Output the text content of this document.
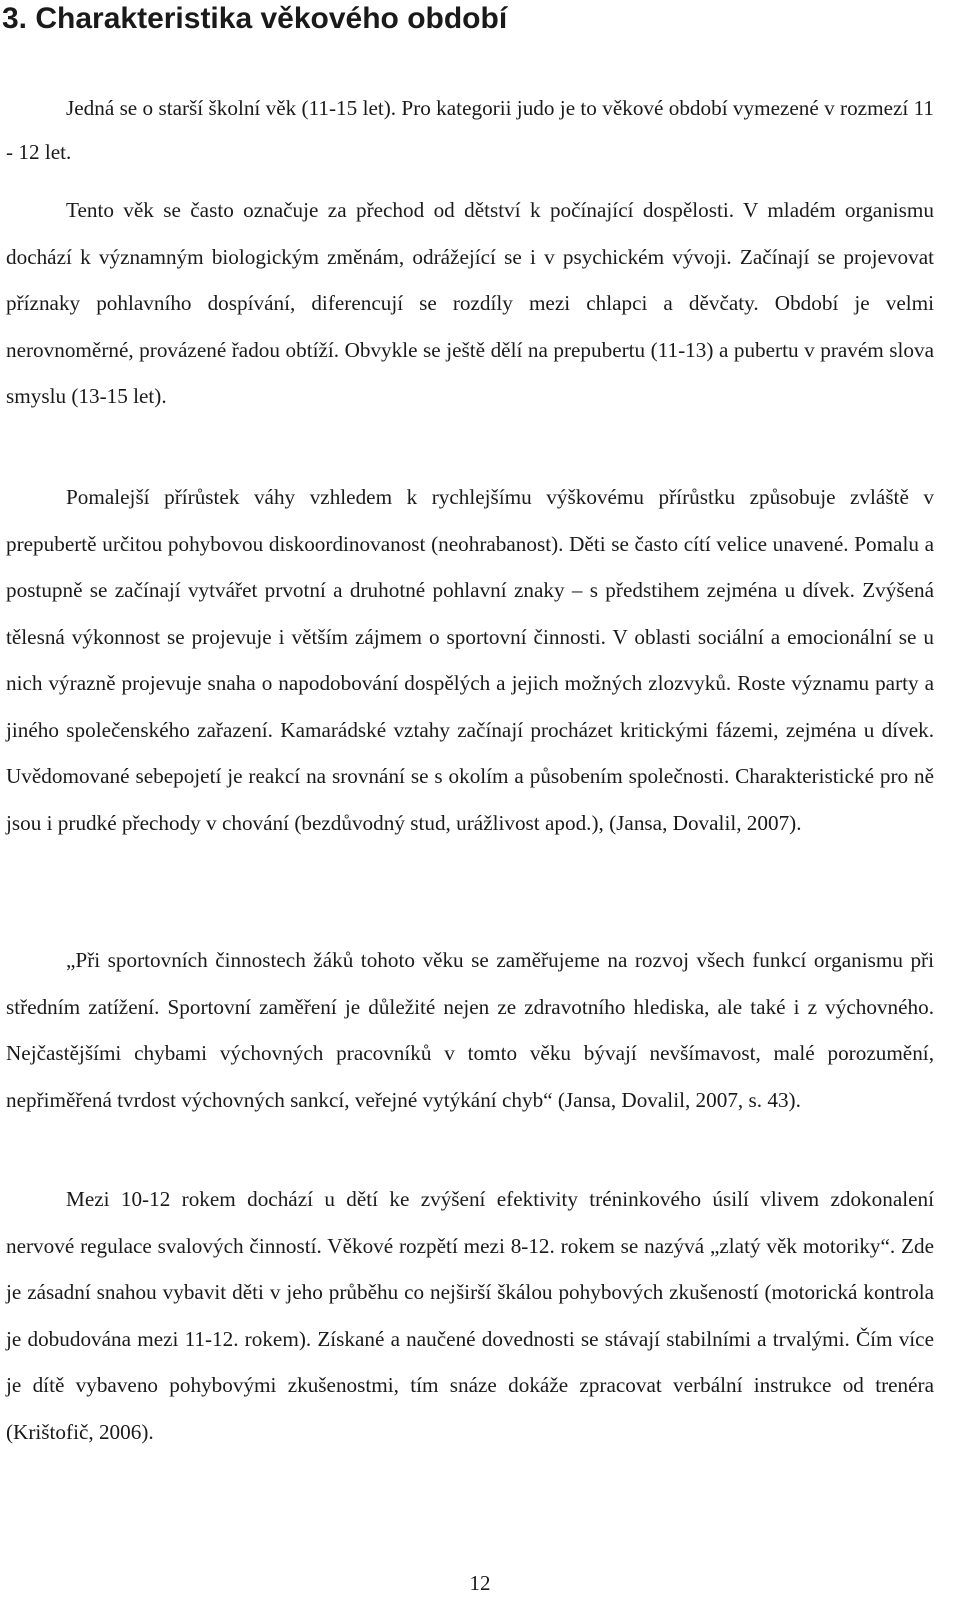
3. Charakteristika věkového období

Jedná se o starší školní věk (11-15 let). Pro kategorii judo je to věkové období vymezené v rozmezí 11 - 12 let.

Tento věk se často označuje za přechod od dětství k počínající dospělosti. V mladém organismu dochází k významným biologickým změnám, odrážející se i v psychickém vývoji. Začínají se projevovat příznaky pohlavního dospívání, diferencují se rozdíly mezi chlapci a děvčaty. Období je velmi nerovnoměrné, provázené řadou obtíží. Obvykle se ještě dělí na prepubertu (11-13) a pubertu v pravém slova smyslu (13-15 let).

Pomalejší přírůstek váhy vzhledem k rychlejšímu výškovému přírůstku způsobuje zvláště v prepubertě určitou pohybovou diskoordinovanost (neohrabanost). Děti se často cítí velice unavené. Pomalu a postupně se začínají vytvářet prvotní a druhotné pohlavní znaky – s předstihem zejména u dívek. Zvýšená tělesná výkonnost se projevuje i větším zájmem o sportovní činnosti. V oblasti sociální a emocionální se u nich výrazně projevuje snaha o napodobování dospělých a jejich možných zlozvyků. Roste významu party a jiného společenského zařazení. Kamarádské vztahy začínají procházet kritickými fázemi, zejména u dívek. Uvědomované sebepojetí je reakcí na srovnání se s okolím a působením společnosti. Charakteristické pro ně jsou i prudké přechody v chování (bezdůvodný stud, urážlivost apod.), (Jansa, Dovalil, 2007).

„Při sportovních činnostech žáků tohoto věku se zaměřujeme na rozvoj všech funkcí organismu při středním zatížení. Sportovní zaměření je důležité nejen ze zdravotního hlediska, ale také i z výchovného. Nejčastějšími chybami výchovných pracovníků v tomto věku bývají nevšímavost, malé porozumění, nepřiměřená tvrdost výchovných sankcí, veřejné vytýkání chyb“ (Jansa, Dovalil, 2007, s. 43).

Mezi 10-12 rokem dochází u dětí ke zvýšení efektivity tréninkového úsilí vlivem zdokonalení nervové regulace svalových činností. Věkové rozpětí mezi 8-12. rokem se nazývá „zlatý věk motoriky“. Zde je zásadní snahou vybavit děti v jeho průběhu co nejširší škálou pohybových zkušeností (motorická kontrola je dobudována mezi 11-12. rokem). Získané a naučené dovednosti se stávají stabilními a trvalými. Čím více je dítě vybaveno pohybovými zkušenostmi, tím snáze dokáže zpracovat verbální instrukce od trenéra (Krištofič, 2006).

12
